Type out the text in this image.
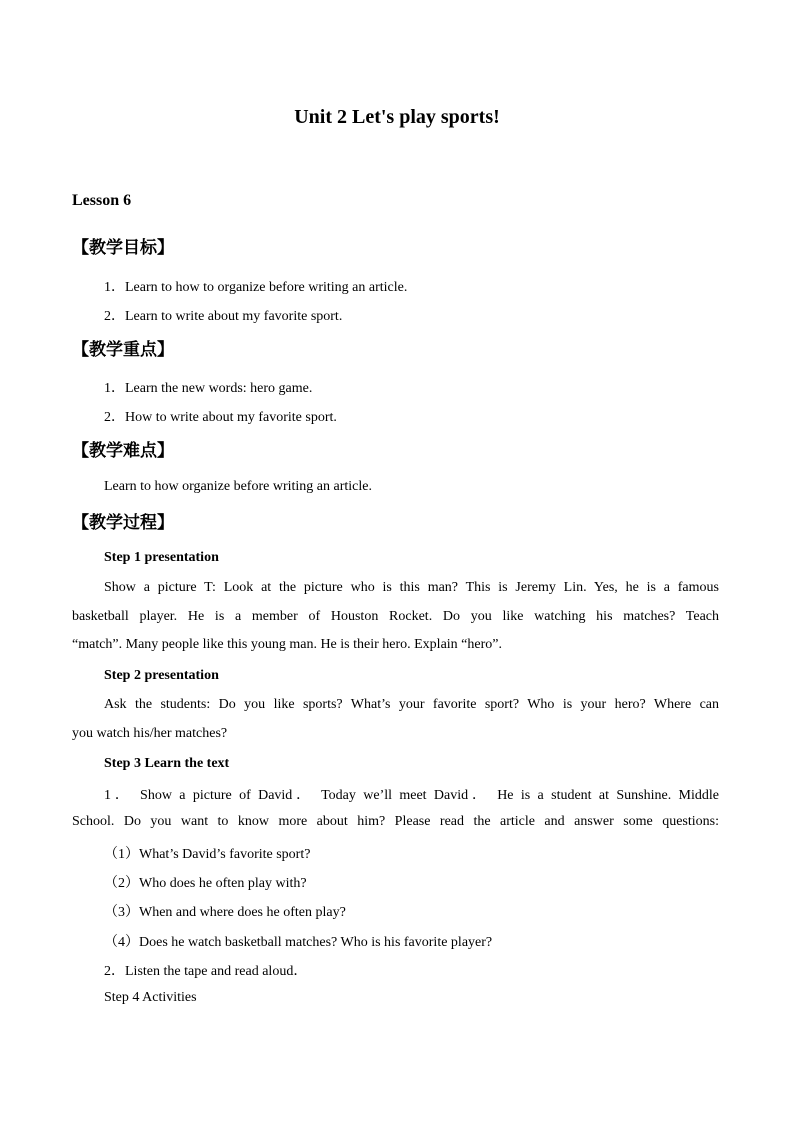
Unit 2 Let's play sports!
Lesson 6
【教学目标】
1．Learn to how to organize before writing an article.
2．Learn to write about my favorite sport.
【教学重点】
1．Learn the new words: hero game.
2．How to write about my favorite sport.
【教学难点】
Learn to how organize before writing an article.
【教学过程】
Step 1 presentation
Show a picture T: Look at the picture who is this man? This is Jeremy Lin. Yes, he is a famous
basketball player. He is a member of Houston Rocket. Do you like watching his matches? Teach
“match”. Many people like this young man. He is their hero. Explain “hero”.
Step 2 presentation
Ask the students: Do you like sports? What’s your favorite sport? Who is your hero? Where can
you watch his/her matches?
Step 3 Learn the text
1． Show a picture of David． Today we’ll meet David． He is a student at Sunshine. Middle
School. Do you want to know more about him? Please read the article and answer some questions:
（1）What’s David’s favorite sport?
（2）Who does he often play with?
（3）When and where does he often play?
（4）Does he watch basketball matches? Who is his favorite player?
2．Listen the tape and read aloud．
Step 4 Activities
